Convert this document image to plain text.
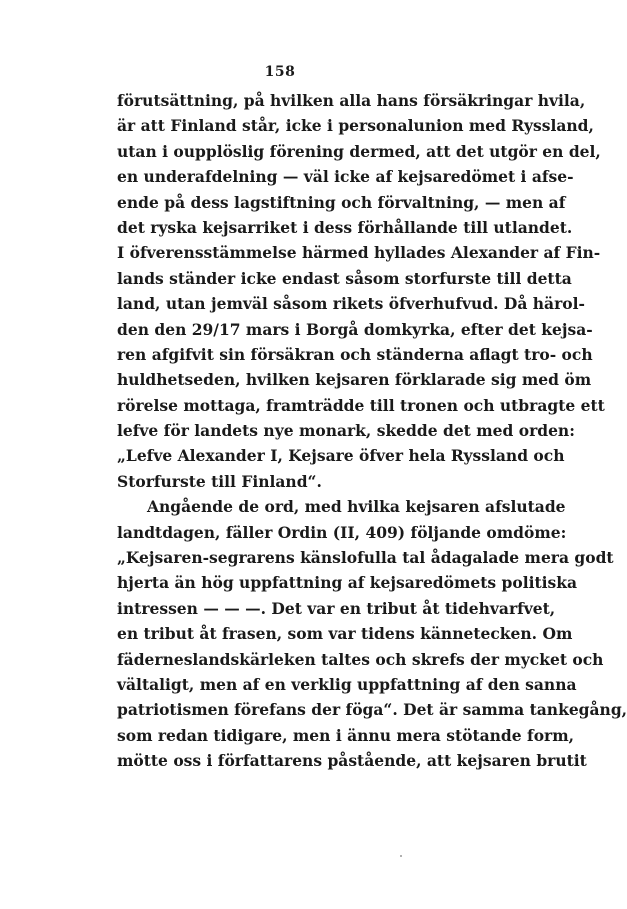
158
förutsättning, på hvilken alla hans försäkringar hvila,
är att Finland står, icke i personalunion med Ryssland,
utan i oupplöslig förening dermed, att det utgör en del,
en underafdelning — väl icke af kejsaredömet i afse-
ende på dess lagstiftning och förvaltning, — men af
det ryska kejsarriket i dess förhållande till utlandet.
I öfverensstämmelse härmed hyllades Alexander af Fin-
lands ständer icke endast såsom storfurste till detta
land, utan jemväl såsom rikets öfverhufvud. Då härol-
den den 29/17 mars i Borgå domkyrka, efter det kejsa-
ren afgifvit sin försäkran och ständerna aflagt tro- och
huldhetseden, hvilken kejsaren förklarade sig med öm
rörelse mottaga, framträdde till tronen och utbragte ett
lefve för landets nye monark, skedde det med orden:
„Lefve Alexander I, Kejsare öfver hela Ryssland och
Storfurste till Finland“.
Angående de ord, med hvilka kejsaren afslutade
landtdagen, fäller Ordin (II, 409) följande omdöme:
„Kejsaren-segrarens känslofulla tal ådagalade mera godt
hjerta än hög uppfattning af kejsaredömets politiska
intressen — — —. Det var en tribut åt tidehvarfvet,
en tribut åt frasen, som var tidens kännetecken. Om
fäderneslandskärleken taltes och skrefs der mycket och
vältaligt, men af en verklig uppfattning af den sanna
patriotismen förefans der föga“. Det är samma tankegång,
som redan tidigare, men i ännu mera stötande form,
mötte oss i författarens påstående, att kejsaren brutit
